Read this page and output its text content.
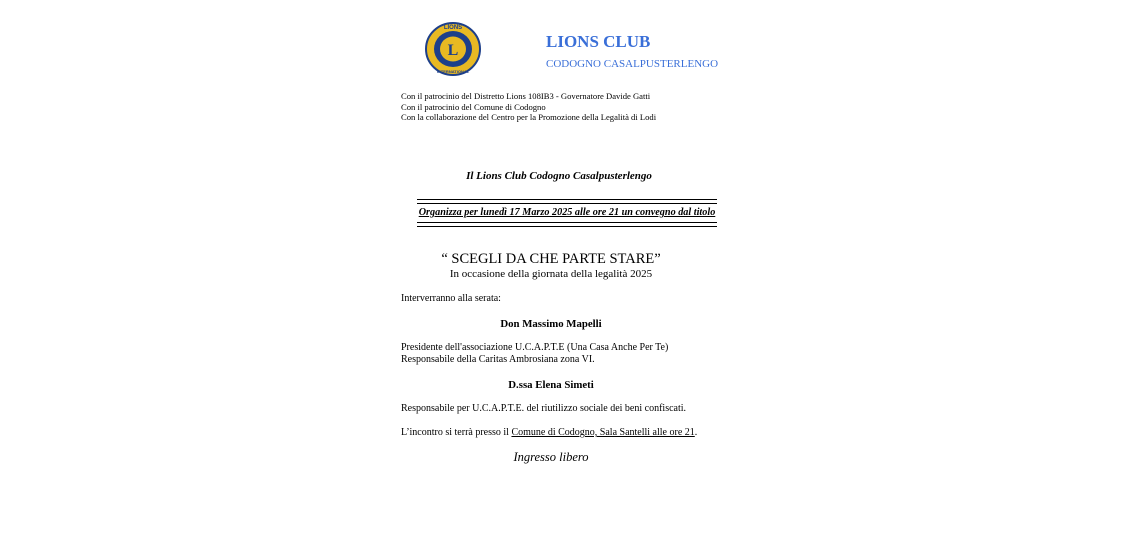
L
LIONS
INTERNATIONAL
LIONS CLUB
CODOGNO CASALPUSTERLENGO
Con il patrocinio del Distretto Lions 108IB3 - Governatore Davide Gatti
Con il patrocinio del Comune di Codogno
Con la collaborazione del Centro per la Promozione della Legalità di Lodi
Il Lions Club Codogno Casalpusterlengo
Organizza per lunedì 17 Marzo 2025 alle ore 21 un convegno dal titolo
“ SCEGLI DA CHE PARTE STARE”
In occasione della giornata della legalità 2025
Interverranno alla serata:
Don Massimo Mapelli
Presidente dell'associazione U.C.A.P.T.E (Una Casa Anche Per Te)
Responsabile della Caritas Ambrosiana zona VI.
D.ssa Elena Simeti
Responsabile per U.C.A.P.T.E. del riutilizzo sociale dei beni confiscati.
L’incontro si terrà presso il Comune di Codogno, Sala Santelli alle ore 21.
Ingresso libero
